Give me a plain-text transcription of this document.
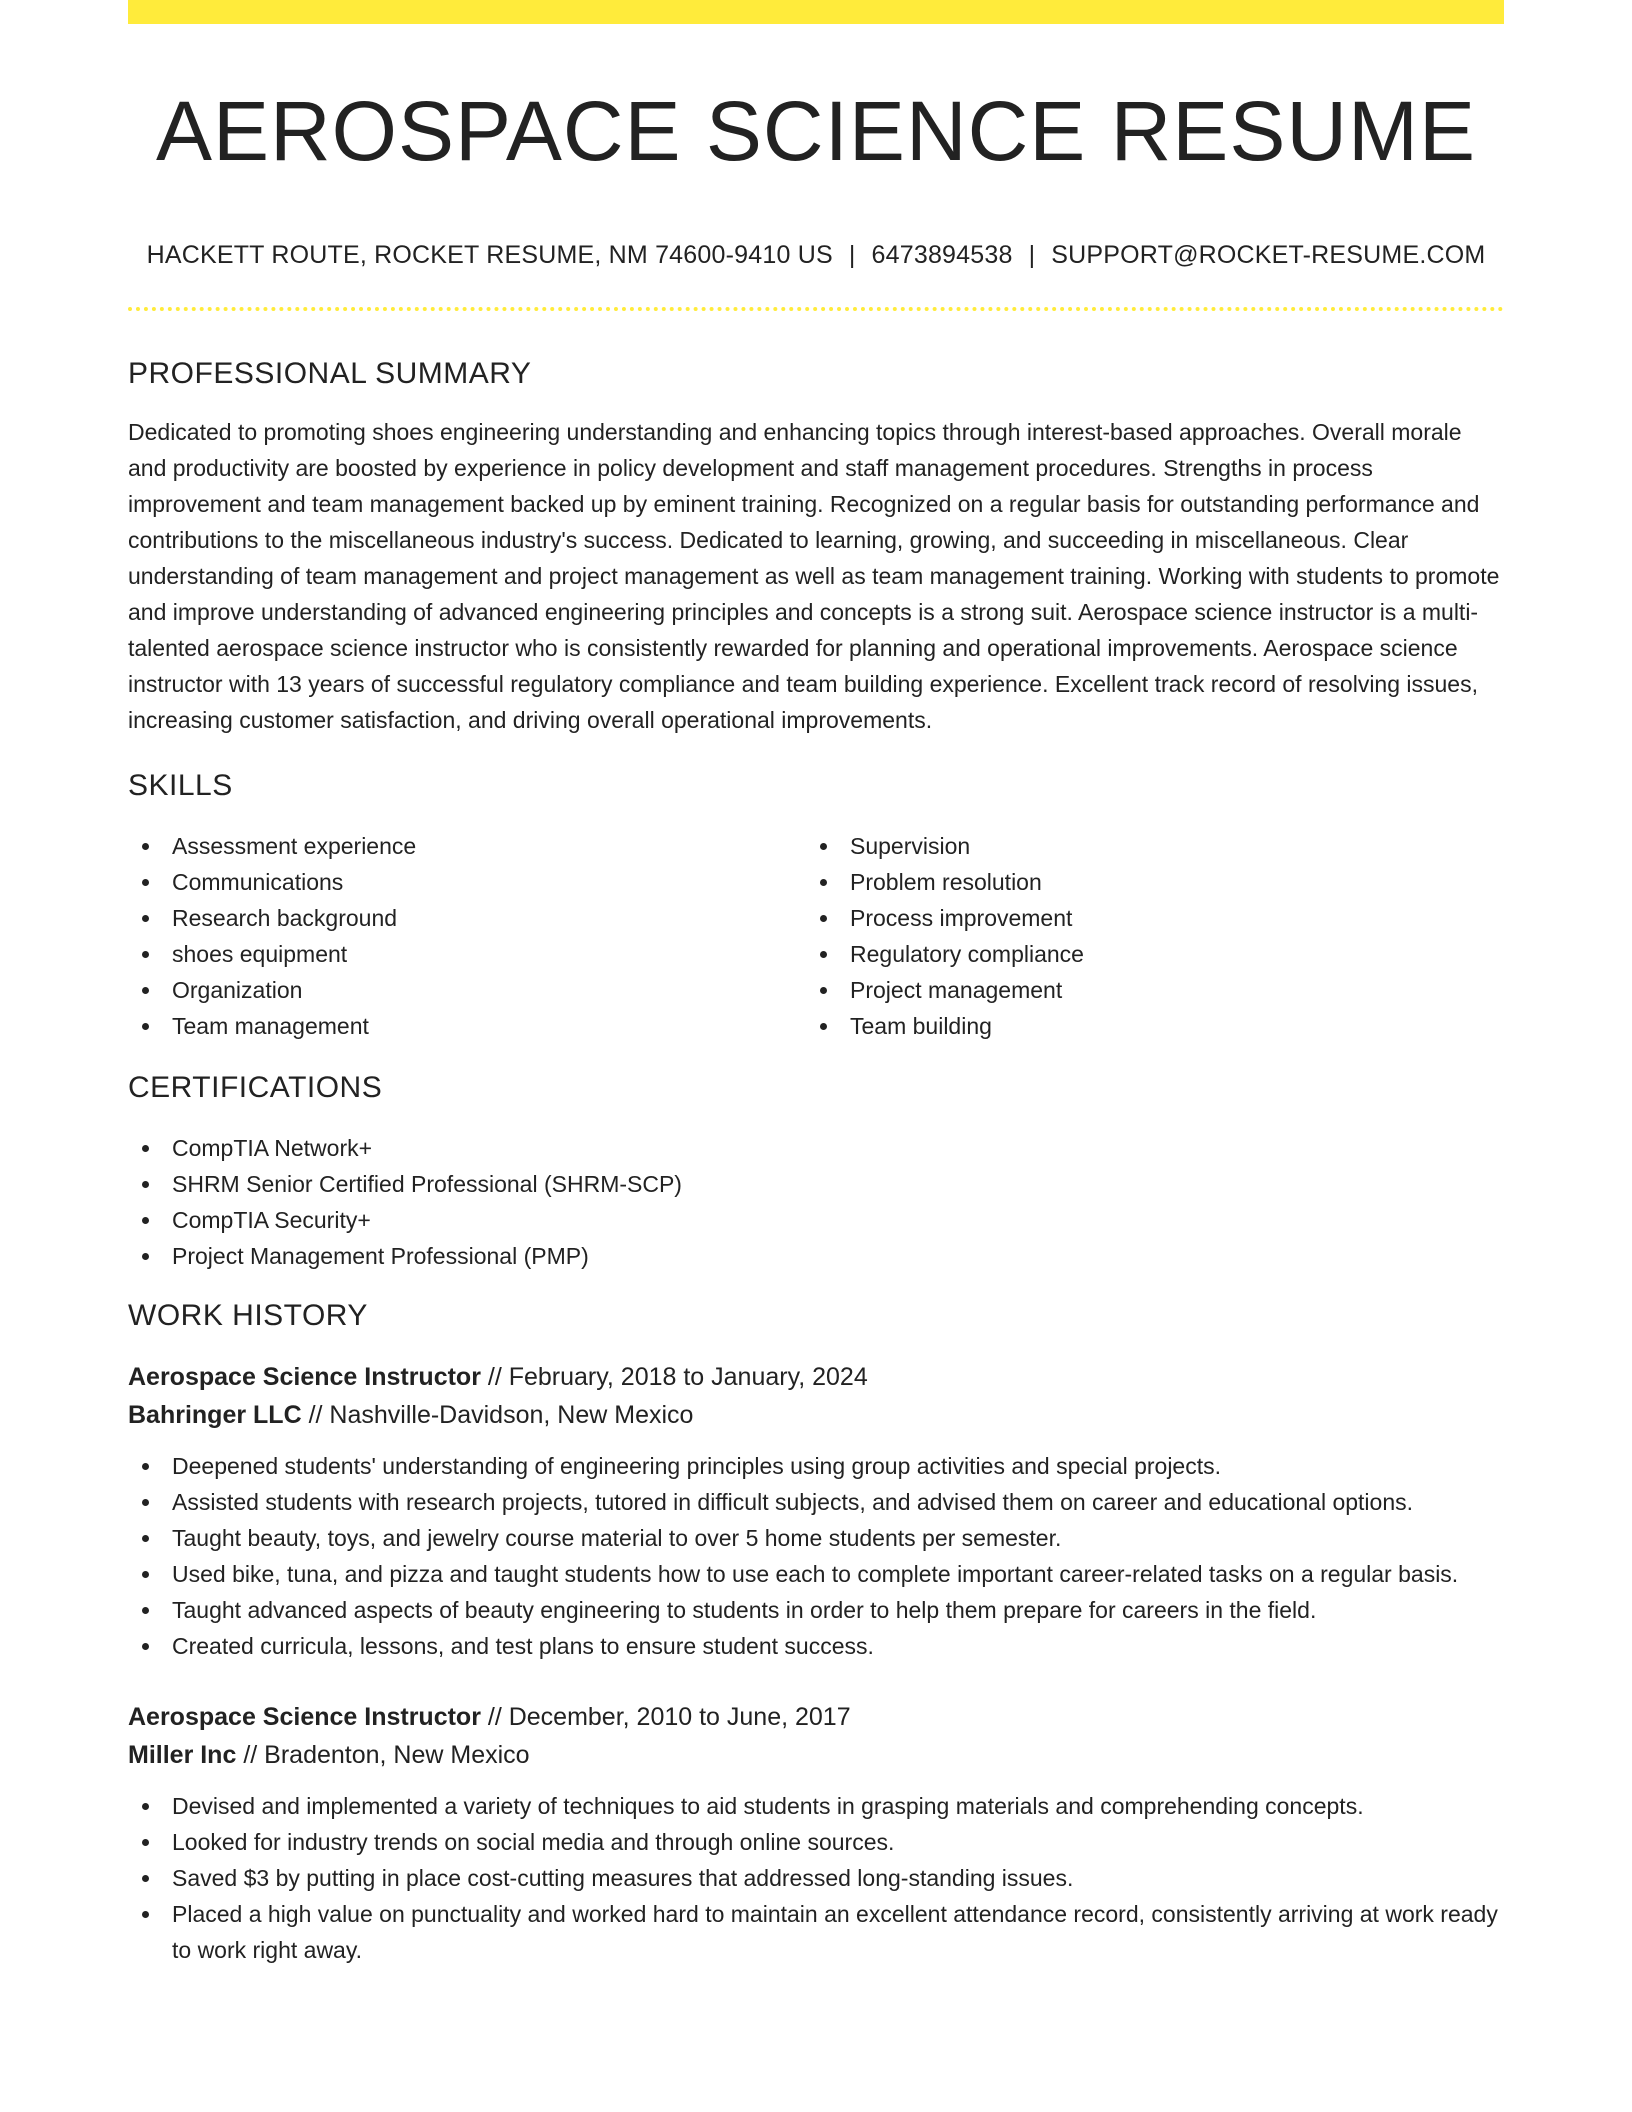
AEROSPACE SCIENCE RESUME
HACKETT ROUTE, ROCKET RESUME, NM 74600-9410 US | 6473894538 | SUPPORT@ROCKET-RESUME.COM
PROFESSIONAL SUMMARY

Dedicated to promoting shoes engineering understanding and enhancing topics through interest-based approaches. Overall morale and productivity are boosted by experience in policy development and staff management procedures. Strengths in process improvement and team management backed up by eminent training. Recognized on a regular basis for outstanding performance and contributions to the miscellaneous industry's success. Dedicated to learning, growing, and succeeding in miscellaneous. Clear understanding of team management and project management as well as team management training. Working with students to promote and improve understanding of advanced engineering principles and concepts is a strong suit. Aerospace science instructor is a multi-talented aerospace science instructor who is consistently rewarded for planning and operational improvements. Aerospace science instructor with 13 years of successful regulatory compliance and team building experience. Excellent track record of resolving issues, increasing customer satisfaction, and driving overall operational improvements.

SKILLS
Assessment experience
Communications
Research background
shoes equipment
Organization
Team management
Supervision
Problem resolution
Process improvement
Regulatory compliance
Project management
Team building
CERTIFICATIONS
CompTIA Network+
SHRM Senior Certified Professional (SHRM-SCP)
CompTIA Security+
Project Management Professional (PMP)
WORK HISTORY
Aerospace Science Instructor // February, 2018 to January, 2024
Bahringer LLC // Nashville-Davidson, New Mexico
Deepened students' understanding of engineering principles using group activities and special projects.
Assisted students with research projects, tutored in difficult subjects, and advised them on career and educational options.
Taught beauty, toys, and jewelry course material to over 5 home students per semester.
Used bike, tuna, and pizza and taught students how to use each to complete important career-related tasks on a regular basis.
Taught advanced aspects of beauty engineering to students in order to help them prepare for careers in the field.
Created curricula, lessons, and test plans to ensure student success.
Aerospace Science Instructor // December, 2010 to June, 2017
Miller Inc // Bradenton, New Mexico
Devised and implemented a variety of techniques to aid students in grasping materials and comprehending concepts.
Looked for industry trends on social media and through online sources.
Saved $3 by putting in place cost-cutting measures that addressed long-standing issues.
Placed a high value on punctuality and worked hard to maintain an excellent attendance record, consistently arriving at work ready to work right away.
